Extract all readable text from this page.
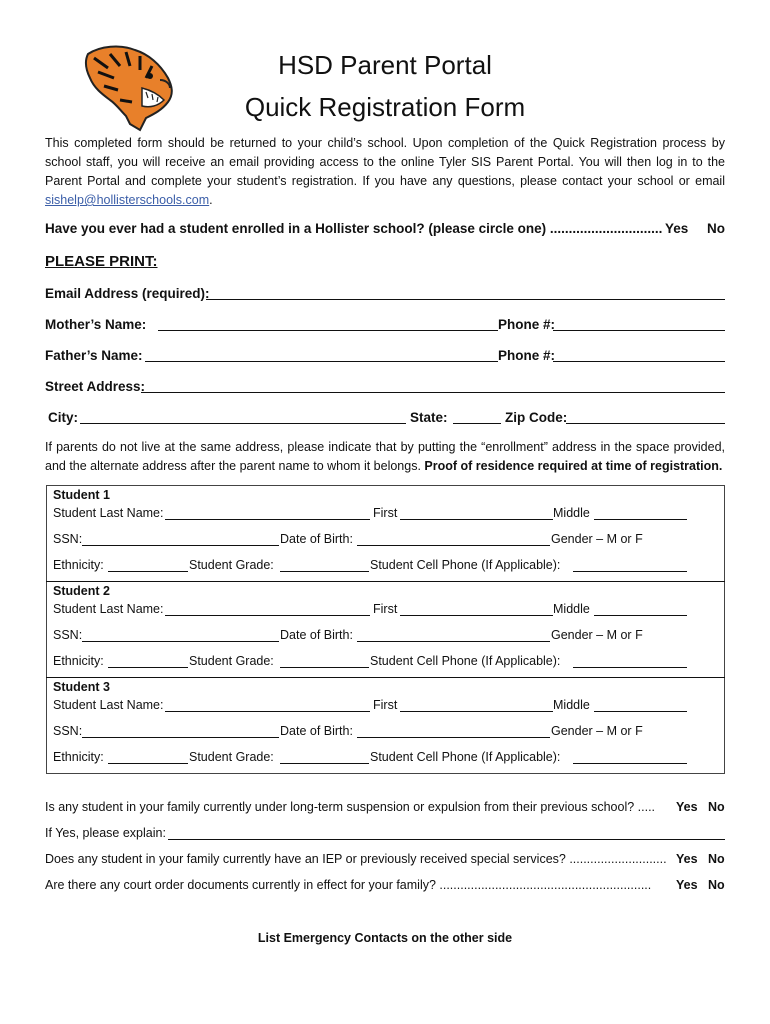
HSD Parent Portal
Quick Registration Form
This completed form should be returned to your child’s school. Upon completion of the Quick Registration process by school staff, you will receive an email providing access to the online Tyler SIS Parent Portal. You will then log in to the Parent Portal and complete your student’s registration. If you have any questions, please contact your school or email sishelp@hollisterschools.com.
Have you ever had a student enrolled in a Hollister school? (please circle one) .............................. Yes No
PLEASE PRINT:
Email Address (required):
Mother’s Name:	Phone #:
Father’s Name:	Phone #:
Street Address:
City:	State:	Zip Code:
If parents do not live at the same address, please indicate that by putting the “enrollment” address in the space provided, and the alternate address after the parent name to whom it belongs. Proof of residence required at time of registration.
Student 1
Student Last Name:	First	Middle
SSN:	Date of Birth:	Gender – M or F
Ethnicity:	Student Grade:	Student Cell Phone (If Applicable):
Student 2
Student Last Name:	First	Middle
SSN:	Date of Birth:	Gender – M or F
Ethnicity:	Student Grade:	Student Cell Phone (If Applicable):
Student 3
Student Last Name:	First	Middle
SSN:	Date of Birth:	Gender – M or F
Ethnicity:	Student Grade:	Student Cell Phone (If Applicable):
Is any student in your family currently under long-term suspension or expulsion from their previous school? ..... Yes No
If Yes, please explain:
Does any student in your family currently have an IEP or previously received special services? ............................ Yes No
Are there any court order documents currently in effect for your family? ............................................................. Yes No
List Emergency Contacts on the other side
